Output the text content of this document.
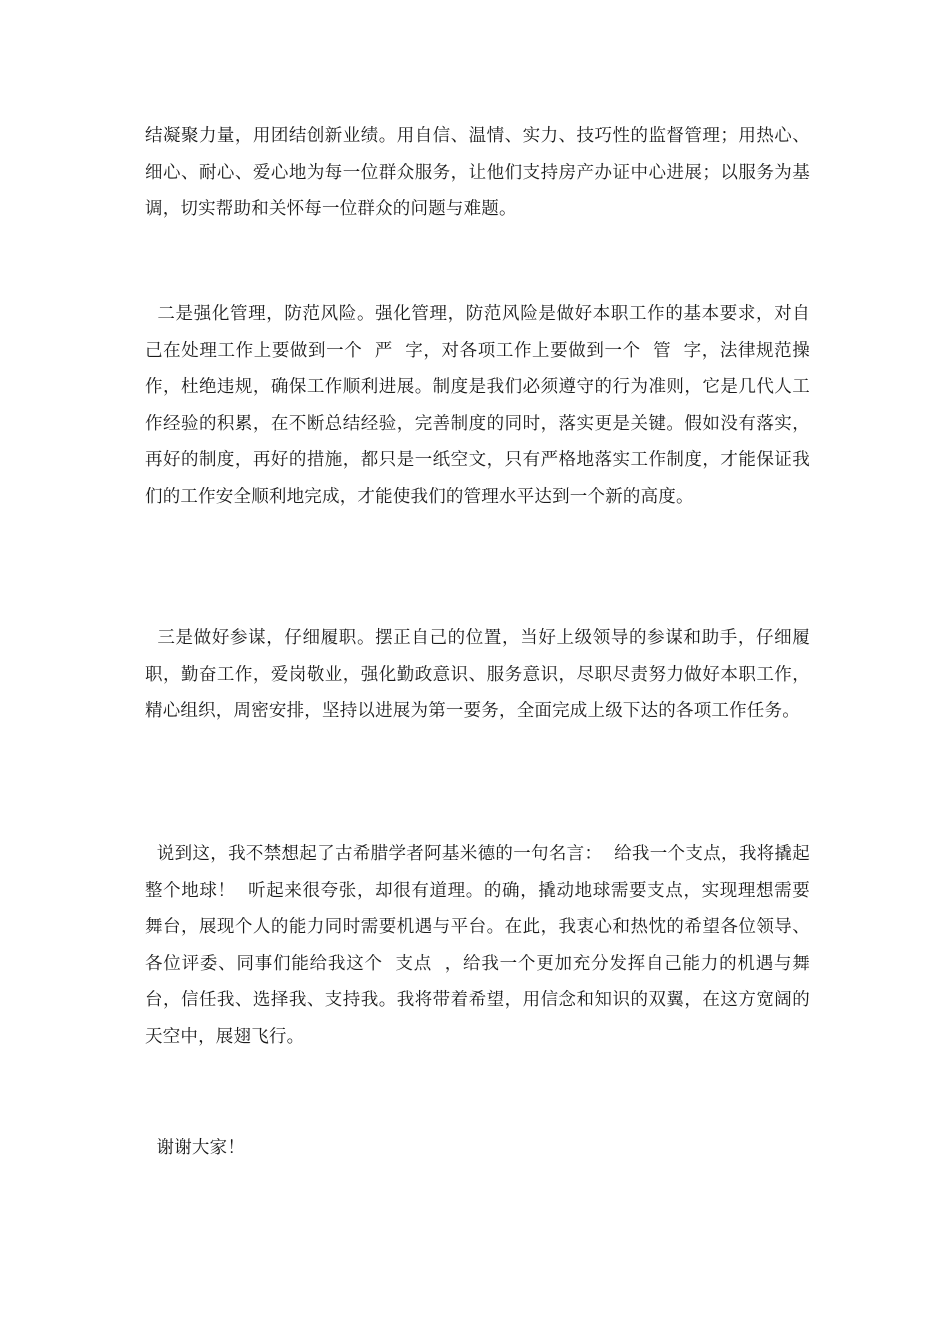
结凝聚力量，用团结创新业绩。用自信、温情、实力、技巧性的监督管理；用热心、细心、耐心、爱心地为每一位群众服务，让他们支持房产办证中心进展；以服务为基调，切实帮助和关怀每一位群众的问题与难题。

二是强化管理，防范风险。强化管理，防范风险是做好本职工作的基本要求，对自己在处理工作上要做到一个  严  字，对各项工作上要做到一个  管  字，法律规范操作，杜绝违规，确保工作顺利进展。制度是我们必须遵守的行为准则，它是几代人工作经验的积累，在不断总结经验，完善制度的同时，落实更是关键。假如没有落实，再好的制度，再好的措施，都只是一纸空文，只有严格地落实工作制度，才能保证我们的工作安全顺利地完成，才能使我们的管理水平达到一个新的高度。

三是做好参谋，仔细履职。摆正自己的位置，当好上级领导的参谋和助手，仔细履职，勤奋工作，爱岗敬业，强化勤政意识、服务意识，尽职尽责努力做好本职工作，精心组织，周密安排，坚持以进展为第一要务，全面完成上级下达的各项工作任务。

说到这，我不禁想起了古希腊学者阿基米德的一句名言：  给我一个支点，我将撬起整个地球！  听起来很夸张，却很有道理。的确，撬动地球需要支点，实现理想需要舞台，展现个人的能力同时需要机遇与平台。在此，我衷心和热忱的希望各位领导、各位评委、同事们能给我这个  支点  ，给我一个更加充分发挥自己能力的机遇与舞台，信任我、选择我、支持我。我将带着希望，用信念和知识的双翼，在这方宽阔的天空中，展翅飞行。

谢谢大家！
